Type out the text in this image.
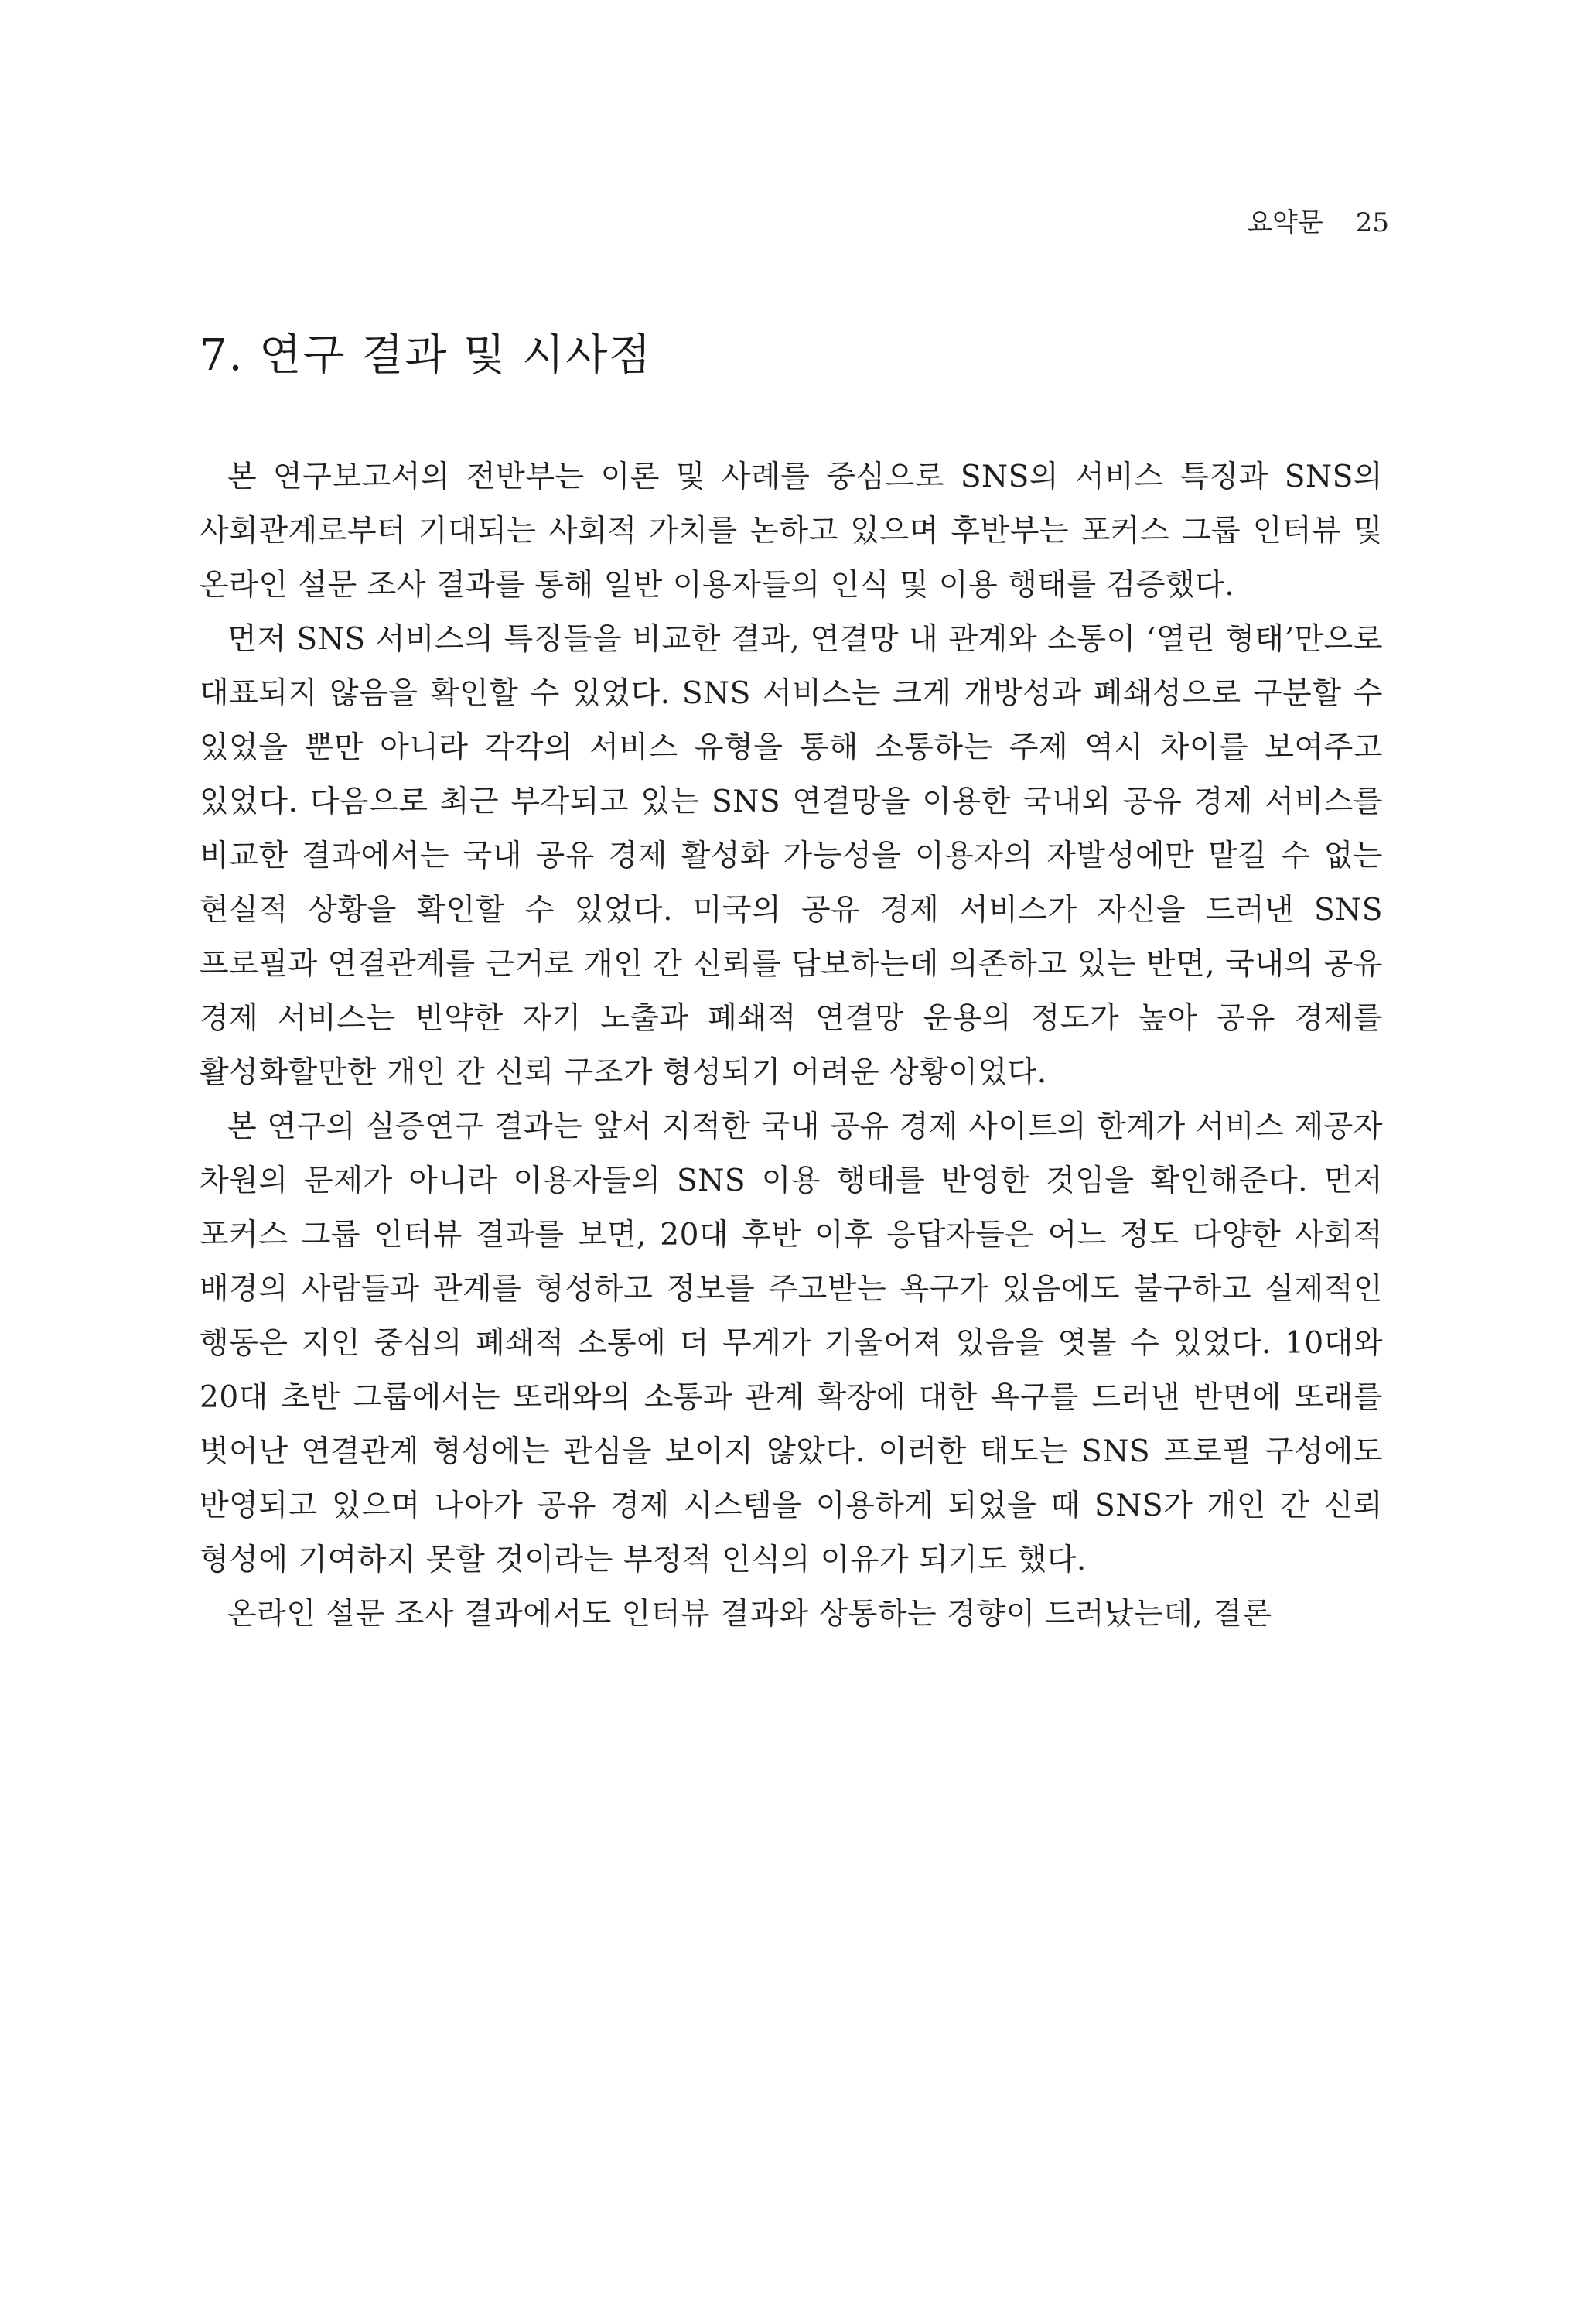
요약문 25
7. 연구 결과 및 시사점

본 연구보고서의 전반부는 이론 및 사례를 중심으로 SNS의 서비스 특징과 SNS의 사회관계로부터 기대되는 사회적 가치를 논하고 있으며 후반부는 포커스 그룹 인터뷰 및 온라인 설문 조사 결과를 통해 일반 이용자들의 인식 및 이용 행태를 검증했다.

먼저 SNS 서비스의 특징들을 비교한 결과, 연결망 내 관계와 소통이 ‘열린 형태’만으로 대표되지 않음을 확인할 수 있었다. SNS 서비스는 크게 개방성과 폐쇄성으로 구분할 수 있었을 뿐만 아니라 각각의 서비스 유형을 통해 소통하는 주제 역시 차이를 보여주고 있었다. 다음으로 최근 부각되고 있는 SNS 연결망을 이용한 국내외 공유 경제 서비스를 비교한 결과에서는 국내 공유 경제 활성화 가능성을 이용자의 자발성에만 맡길 수 없는 현실적 상황을 확인할 수 있었다. 미국의 공유 경제 서비스가 자신을 드러낸 SNS 프로필과 연결관계를 근거로 개인 간 신뢰를 담보하는데 의존하고 있는 반면, 국내의 공유 경제 서비스는 빈약한 자기 노출과 폐쇄적 연결망 운용의 정도가 높아 공유 경제를 활성화할만한 개인 간 신뢰 구조가 형성되기 어려운 상황이었다.

본 연구의 실증연구 결과는 앞서 지적한 국내 공유 경제 사이트의 한계가 서비스 제공자 차원의 문제가 아니라 이용자들의 SNS 이용 행태를 반영한 것임을 확인해준다. 먼저 포커스 그룹 인터뷰 결과를 보면, 20대 후반 이후 응답자들은 어느 정도 다양한 사회적 배경의 사람들과 관계를 형성하고 정보를 주고받는 욕구가 있음에도 불구하고 실제적인 행동은 지인 중심의 폐쇄적 소통에 더 무게가 기울어져 있음을 엿볼 수 있었다. 10대와 20대 초반 그룹에서는 또래와의 소통과 관계 확장에 대한 욕구를 드러낸 반면에 또래를 벗어난 연결관계 형성에는 관심을 보이지 않았다. 이러한 태도는 SNS 프로필 구성에도 반영되고 있으며 나아가 공유 경제 시스템을 이용하게 되었을 때 SNS가 개인 간 신뢰 형성에 기여하지 못할 것이라는 부정적 인식의 이유가 되기도 했다.

온라인 설문 조사 결과에서도 인터뷰 결과와 상통하는 경향이 드러났는데, 결론
